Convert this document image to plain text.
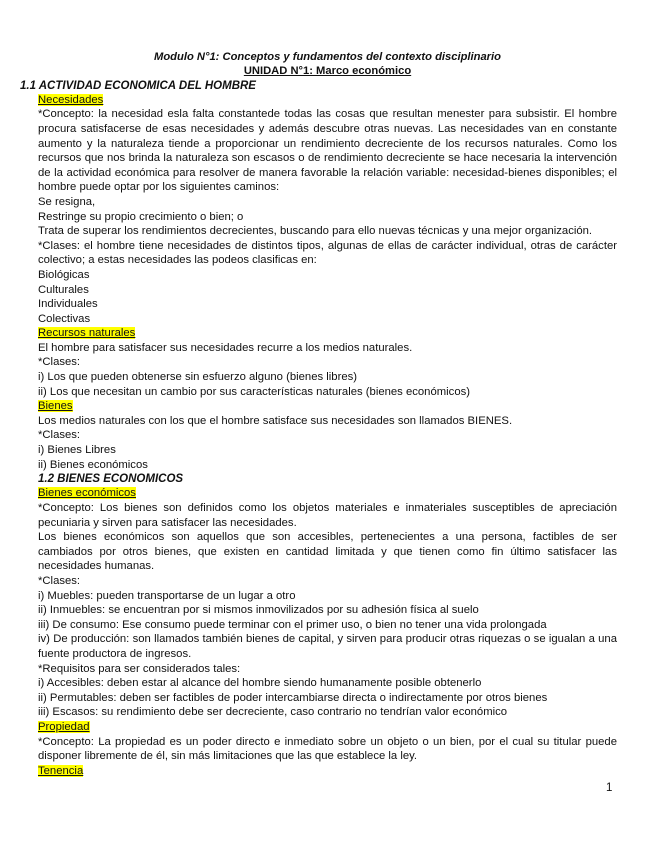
Modulo N°1: Conceptos y fundamentos del contexto disciplinario
UNIDAD N°1: Marco económico
1.1 ACTIVIDAD ECONOMICA DEL HOMBRE
Necesidades

*Concepto: la necesidad esla falta constantede todas las cosas que resultan menester para subsistir. El hombre procura satisfacerse de esas necesidades y además descubre otras nuevas. Las necesidades van en constante aumento y la naturaleza tiende a proporcionar un rendimiento decreciente de los recursos naturales. Como los recursos que nos brinda la naturaleza son escasos o de rendimiento decreciente se hace necesaria la intervención de la actividad económica para resolver de manera favorable la relación variable: necesidad-bienes disponibles; el hombre puede optar por los siguientes caminos:

Se resigna,
Restringe su propio crecimiento o bien; o
Trata de superar los rendimientos decrecientes, buscando para ello nuevas técnicas y una mejor organización.

*Clases: el hombre tiene necesidades de distintos tipos, algunas de ellas de carácter individual, otras de carácter colectivo; a estas necesidades las podeos clasificas en:

Biológicas
Culturales
Individuales
Colectivas
Recursos naturales
El hombre para satisfacer sus necesidades recurre a los medios naturales.
*Clases:
i) Los que pueden obtenerse sin esfuerzo alguno (bienes libres)
ii) Los que necesitan un cambio por sus características naturales (bienes económicos)
Bienes
Los medios naturales con los que el hombre satisface sus necesidades son llamados BIENES.
*Clases:
i) Bienes Libres
ii) Bienes económicos
1.2 BIENES ECONOMICOS
Bienes económicos

*Concepto: Los bienes son definidos como los objetos materiales e inmateriales susceptibles de apreciación pecuniaria y sirven para satisfacer las necesidades.

Los bienes económicos son aquellos que son accesibles, pertenecientes a una persona, factibles de ser cambiados por otros bienes, que existen en cantidad limitada y que tienen como fin último satisfacer las necesidades humanas.

*Clases:
i) Muebles: pueden transportarse de un lugar a otro
ii) Inmuebles: se encuentran por si mismos inmovilizados por su adhesión física al suelo
iii) De consumo: Ese consumo puede terminar con el primer uso, o bien no tener una vida prolongada

iv) De producción: son llamados también bienes de capital, y sirven para producir otras riquezas o se igualan a una fuente productora de ingresos.

*Requisitos para ser considerados tales:
i) Accesibles: deben estar al alcance del hombre siendo humanamente posible obtenerlo
ii) Permutables: deben ser factibles de poder intercambiarse directa o indirectamente por otros bienes
iii) Escasos: su rendimiento debe ser decreciente, caso contrario no tendrían valor económico
Propiedad

*Concepto: La propiedad es un poder directo e inmediato sobre un objeto o un bien, por el cual su titular puede disponer libremente de él, sin más limitaciones que las que establece la ley.

Tenencia
1
